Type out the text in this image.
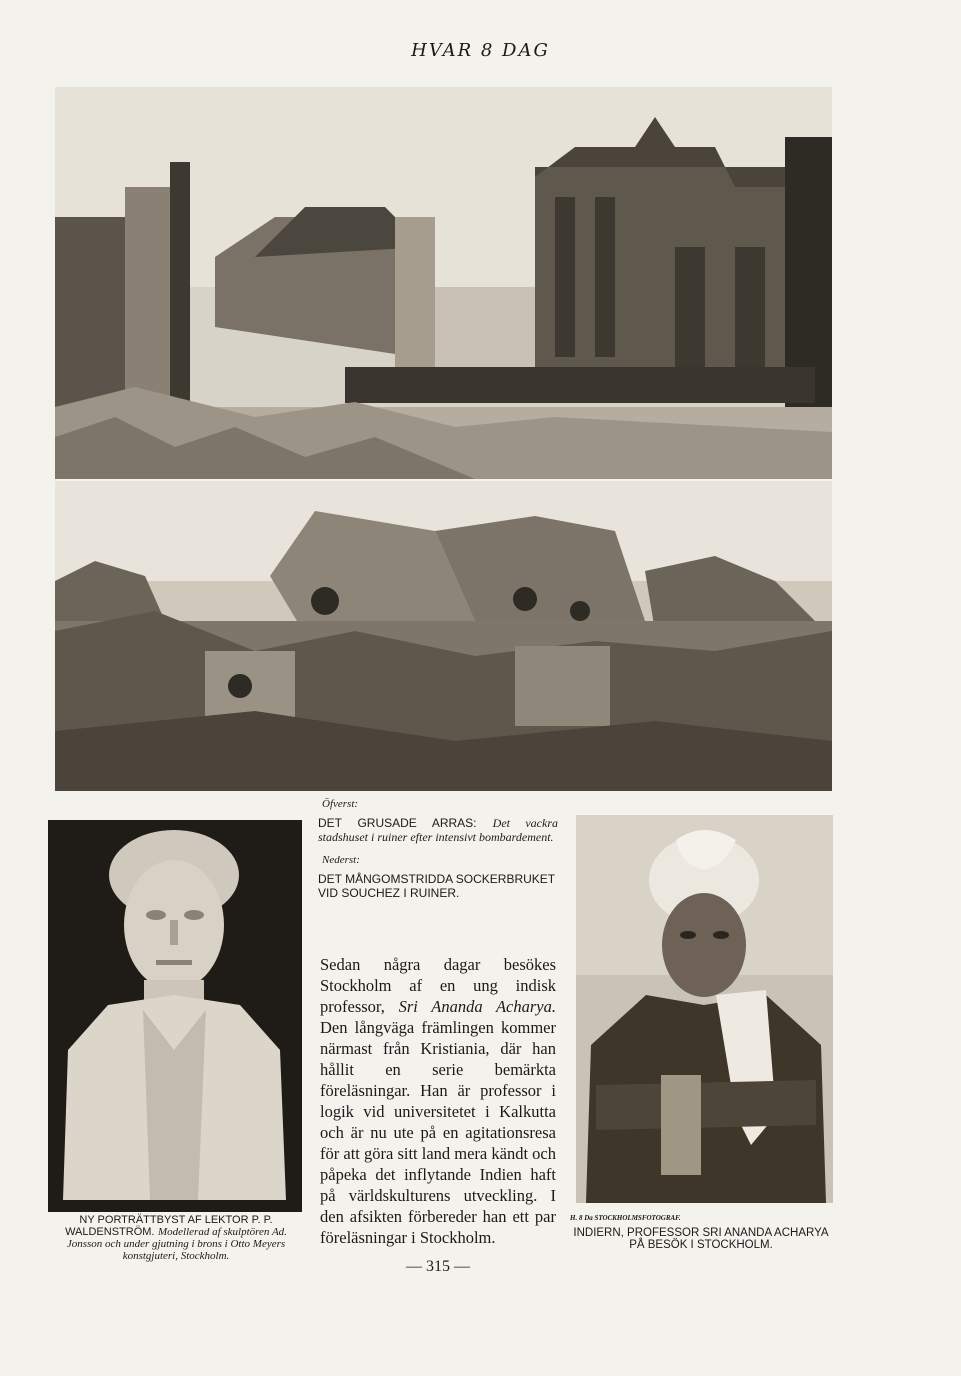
HVAR 8 DAG
Öfverst:
DET GRUSADE ARRAS: Det vackra stadshuset i ruiner efter intensivt bombardement.
Nederst:
DET MÅNGOMSTRIDDA SOCKERBRUKET VID SOUCHEZ I RUINER.
Sedan några dagar besökes Stockholm af en ung indisk professor, Sri Ananda Acharya. Den långväga främlingen kommer närmast från Kristiania, där han hållit en serie bemärkta föreläsningar. Han är professor i logik vid universitetet i Kalkutta och är nu ute på en agitationsresa för att göra sitt land mera kändt och påpeka det inflytande Indien haft på världskulturens utveckling. I den afsikten förbereder han ett par föreläsningar i Stockholm.
— 315 —
NY PORTRÄTTBYST AF LEKTOR P. P. WALDENSTRÖM. Modellerad af skulptören Ad. Jonsson och under gjutning i brons i Otto Meyers konstgjuteri, Stockholm.
H. 8 Da STOCKHOLMSFOTOGRAF.
INDIERN, PROFESSOR SRI ANANDA ACHARYA PÅ BESÖK I STOCKHOLM.
